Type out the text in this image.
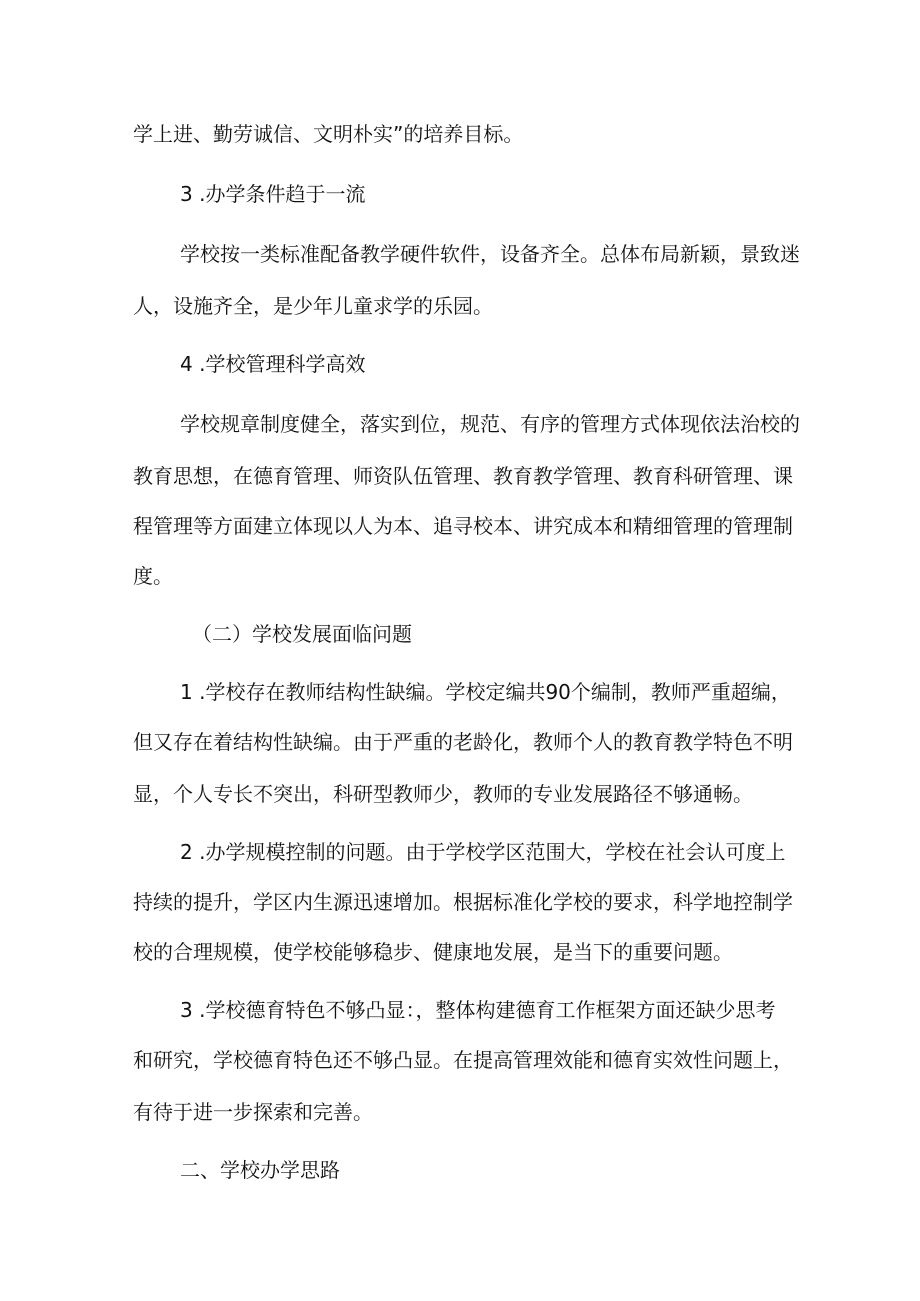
学上进、勤劳诚信、文明朴实”的培养目标。
3 .办学条件趋于一流
学校按一类标准配备教学硬件软件，设备齐全。总体布局新颖，景致迷
人，设施齐全，是少年儿童求学的乐园。
4 .学校管理科学高效
学校规章制度健全，落实到位，规范、有序的管理方式体现依法治校的
教育思想，在德育管理、师资队伍管理、教育教学管理、教育科研管理、课
程管理等方面建立体现以人为本、追寻校本、讲究成本和精细管理的管理制
度。
（二）学校发展面临问题
1 .学校存在教师结构性缺编。学校定编共90个编制，教师严重超编，
但又存在着结构性缺编。由于严重的老龄化，教师个人的教育教学特色不明
显，个人专长不突出，科研型教师少，教师的专业发展路径不够通畅。
2 .办学规模控制的问题。由于学校学区范围大，学校在社会认可度上
持续的提升，学区内生源迅速增加。根据标准化学校的要求，科学地控制学
校的合理规模，使学校能够稳步、健康地发展，是当下的重要问题。
3 .学校德育特色不够凸显：，整体构建德育工作框架方面还缺少思考
和研究，学校德育特色还不够凸显。在提高管理效能和德育实效性问题上，
有待于进一步探索和完善。
二、学校办学思路
